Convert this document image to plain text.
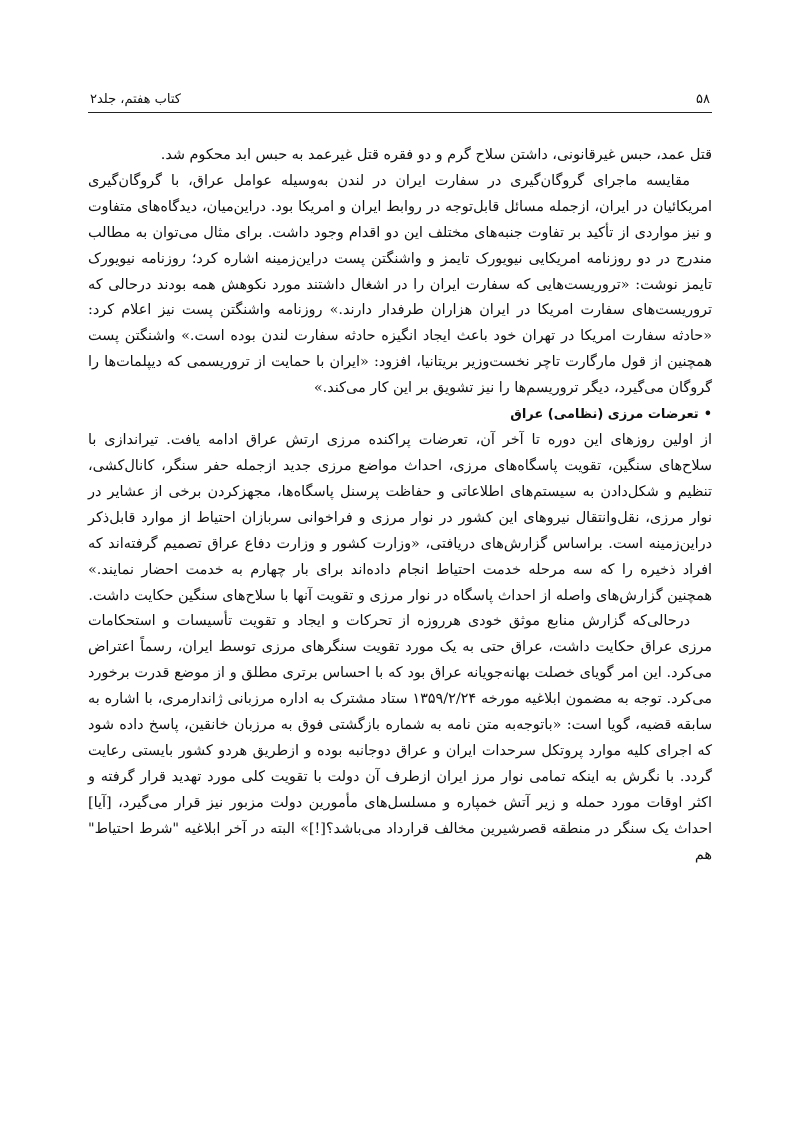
۵۸
کتاب هفتم، جلد۲

قتل عمد، حبس غیرقانونی، داشتن سلاح گرم و دو فقره قتل غیرعمد به حبس ابد محکوم شد.

مقایسه ماجرای گروگان‌گیری در سفارت ایران در لندن به‌وسیله عوامل عراق، با گروگان‌گیری امریکائیان در ایران، ازجمله مسائل قابل‌توجه در روابط ایران و امریکا بود. دراین‌میان، دیدگاه‌های متفاوت و نیز مواردی از تأکید بر تفاوت جنبه‌های مختلف این دو اقدام وجود داشت. برای مثال می‌توان به مطالب مندرج در دو روزنامه امریکایی نیویورک تایمز و واشنگتن پست دراین‌زمینه اشاره کرد؛ روزنامه نیویورک تایمز نوشت: «تروریست‌هایی که سفارت ایران را در اشغال داشتند مورد نکوهش همه بودند درحالی که تروریست‌های سفارت امریکا در ایران هزاران طرفدار دارند.» روزنامه واشنگتن پست نیز اعلام کرد: «حادثه سفارت امریکا در تهران خود باعث ایجاد انگیزه حادثه سفارت لندن بوده است.» واشنگتن پست همچنین از قول مارگارت تاچر نخست‌وزیر بریتانیا، افزود: «ایران با حمایت از تروریسمی که دیپلمات‌ها را گروگان می‌گیرد، دیگر تروریسم‌ها را نیز تشویق بر این کار می‌کند.»

•تعرضات مرزی (نظامی) عراق

از اولین روزهای این دوره تا آخر آن، تعرضات پراکنده مرزی ارتش عراق ادامه یافت. تیراندازی با سلاح‌های سنگین، تقویت پاسگاه‌های مرزی، احداث مواضع مرزی جدید ازجمله حفر سنگر، کانال‌کشی، تنظیم و شکل‌دادن به سیستم‌های اطلاعاتی و حفاظت پرسنل پاسگاه‌ها، مجهزکردن برخی از عشایر در نوار مرزی، نقل‌وانتقال نیروهای این کشور در نوار مرزی و فراخوانی سربازان احتیاط از موارد قابل‌ذکر دراین‌زمینه است. براساس گزارش‌های دریافتی، «وزارت کشور و وزارت دفاع عراق تصمیم گرفته‌اند که افراد ذخیره را که سه مرحله خدمت احتیاط انجام داده‌اند برای بار چهارم به خدمت احضار نمایند.» همچنین گزارش‌های واصله از احداث پاسگاه در نوار مرزی و تقویت آنها با سلاح‌های سنگین حکایت داشت.

درحالی‌که گزارش منابع موثق خودی هرروزه از تحرکات و ایجاد و تقویت تأسیسات و استحکامات مرزی عراق حکایت داشت، عراق حتی به یک مورد تقویت سنگرهای مرزی توسط ایران، رسماً اعتراض می‌کرد. این امر گویای خصلت بهانه‌جویانه عراق بود که با احساس برتری مطلق و از موضع قدرت برخورد می‌کرد. توجه به مضمون ابلاغیه مورخه ۱۳۵۹/۲/۲۴ ستاد مشترک به اداره مرزبانی ژاندارمری، با اشاره به سابقه قضیه، گویا است: «باتوجه‌به متن نامه به شماره بازگشتی فوق به مرزبان خانقین، پاسخ داده شود که اجرای کلیه موارد پروتکل سرحدات ایران و عراق دوجانبه بوده و ازطریق هردو کشور بایستی رعایت گردد. با نگرش به اینکه تمامی نوار مرز ایران ازطرف آن دولت با تقویت کلی مورد تهدید قرار گرفته و اکثر اوقات مورد حمله و زیر آتش خمپاره و مسلسل‌های مأمورین دولت مزبور نیز قرار می‌گیرد، [آیا] احداث یک سنگر در منطقه قصرشیرین مخالف قرارداد می‌باشد؟[!]» البته در آخر ابلاغیه "شرط احتیاط" هم
